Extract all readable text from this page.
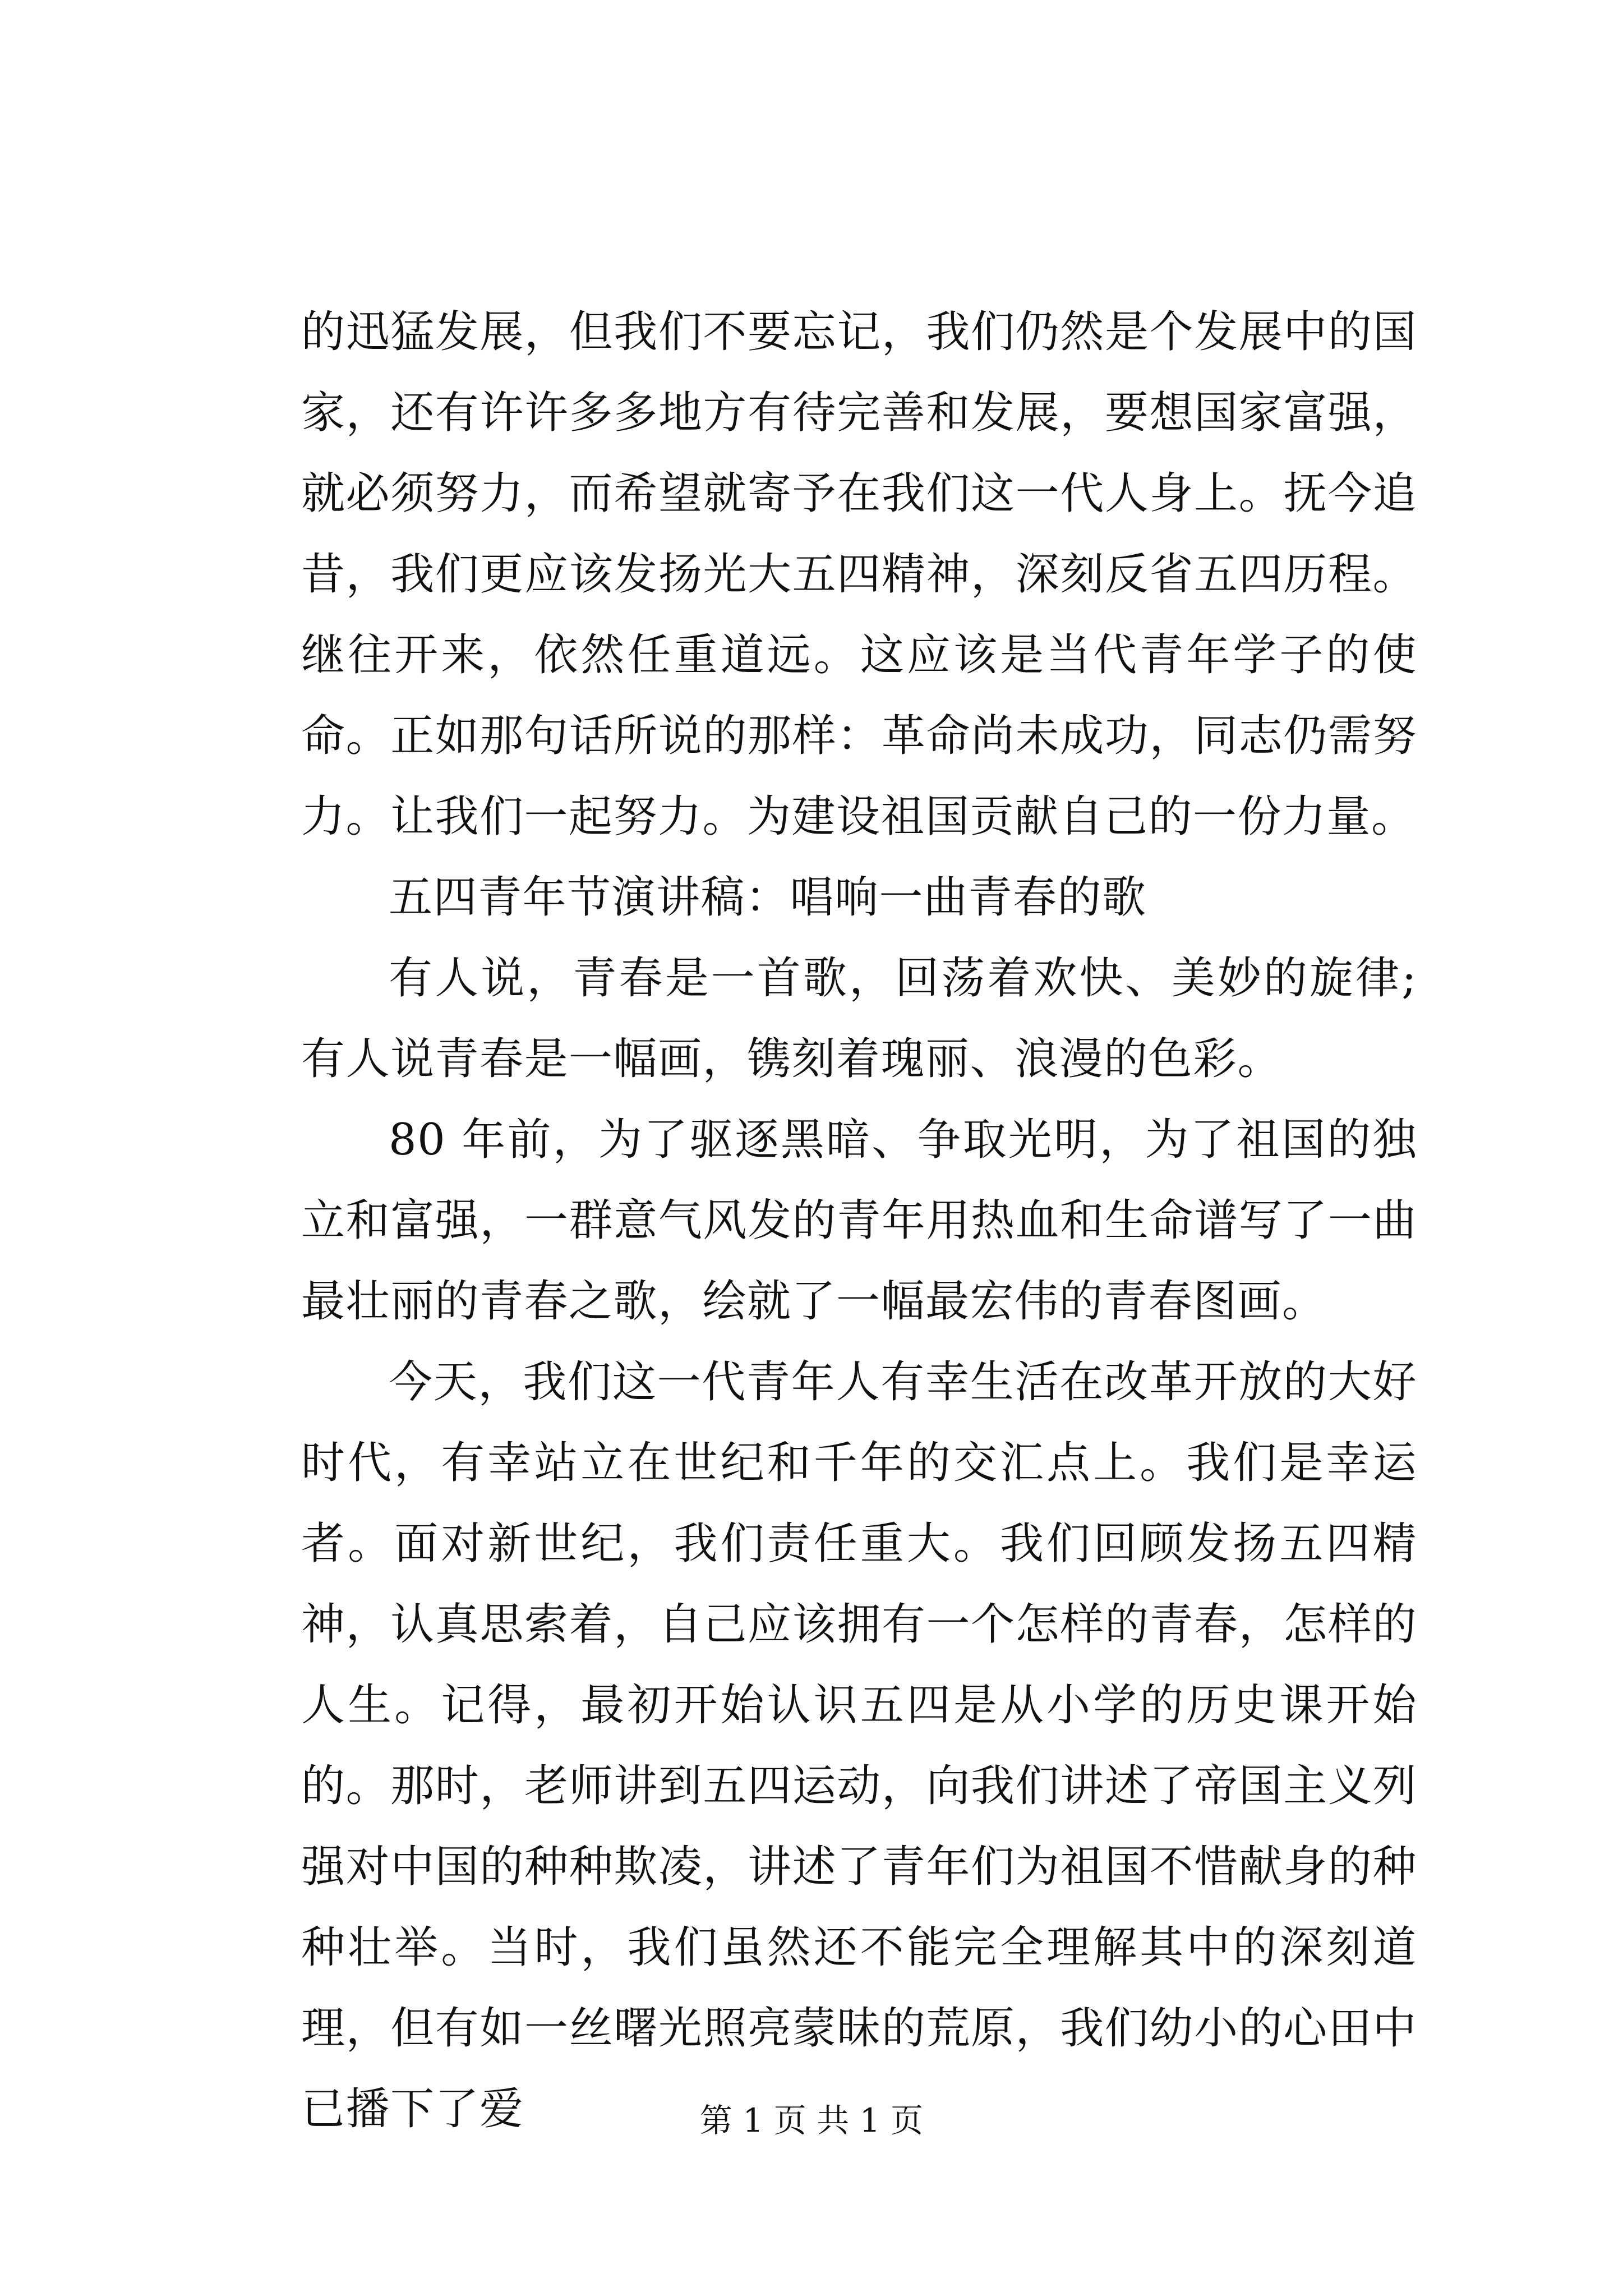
的迅猛发展，但我们不要忘记，我们仍然是个发展中的国家，还有许许多多地方有待完善和发展，要想国家富强，就必须努力，而希望就寄予在我们这一代人身上。抚今追昔，我们更应该发扬光大五四精神，深刻反省五四历程。继往开来，依然任重道远。这应该是当代青年学子的使命。正如那句话所说的那样：革命尚未成功，同志仍需努力。让我们一起努力。为建设祖国贡献自己的一份力量。

五四青年节演讲稿：唱响一曲青春的歌

有人说，青春是一首歌，回荡着欢快、美妙的旋律;有人说青春是一幅画，镌刻着瑰丽、浪漫的色彩。

80 年前，为了驱逐黑暗、争取光明，为了祖国的独立和富强，一群意气风发的青年用热血和生命谱写了一曲最壮丽的青春之歌，绘就了一幅最宏伟的青春图画。

今天，我们这一代青年人有幸生活在改革开放的大好时代，有幸站立在世纪和千年的交汇点上。我们是幸运者。面对新世纪，我们责任重大。我们回顾发扬五四精神，认真思索着，自己应该拥有一个怎样的青春，怎样的人生。记得，最初开始认识五四是从小学的历史课开始的。那时，老师讲到五四运动，向我们讲述了帝国主义列强对中国的种种欺凌，讲述了青年们为祖国不惜献身的种种壮举。当时，我们虽然还不能完全理解其中的深刻道理，但有如一丝曙光照亮蒙昧的荒原，我们幼小的心田中已播下了爱	第 1 页 共 1 页
